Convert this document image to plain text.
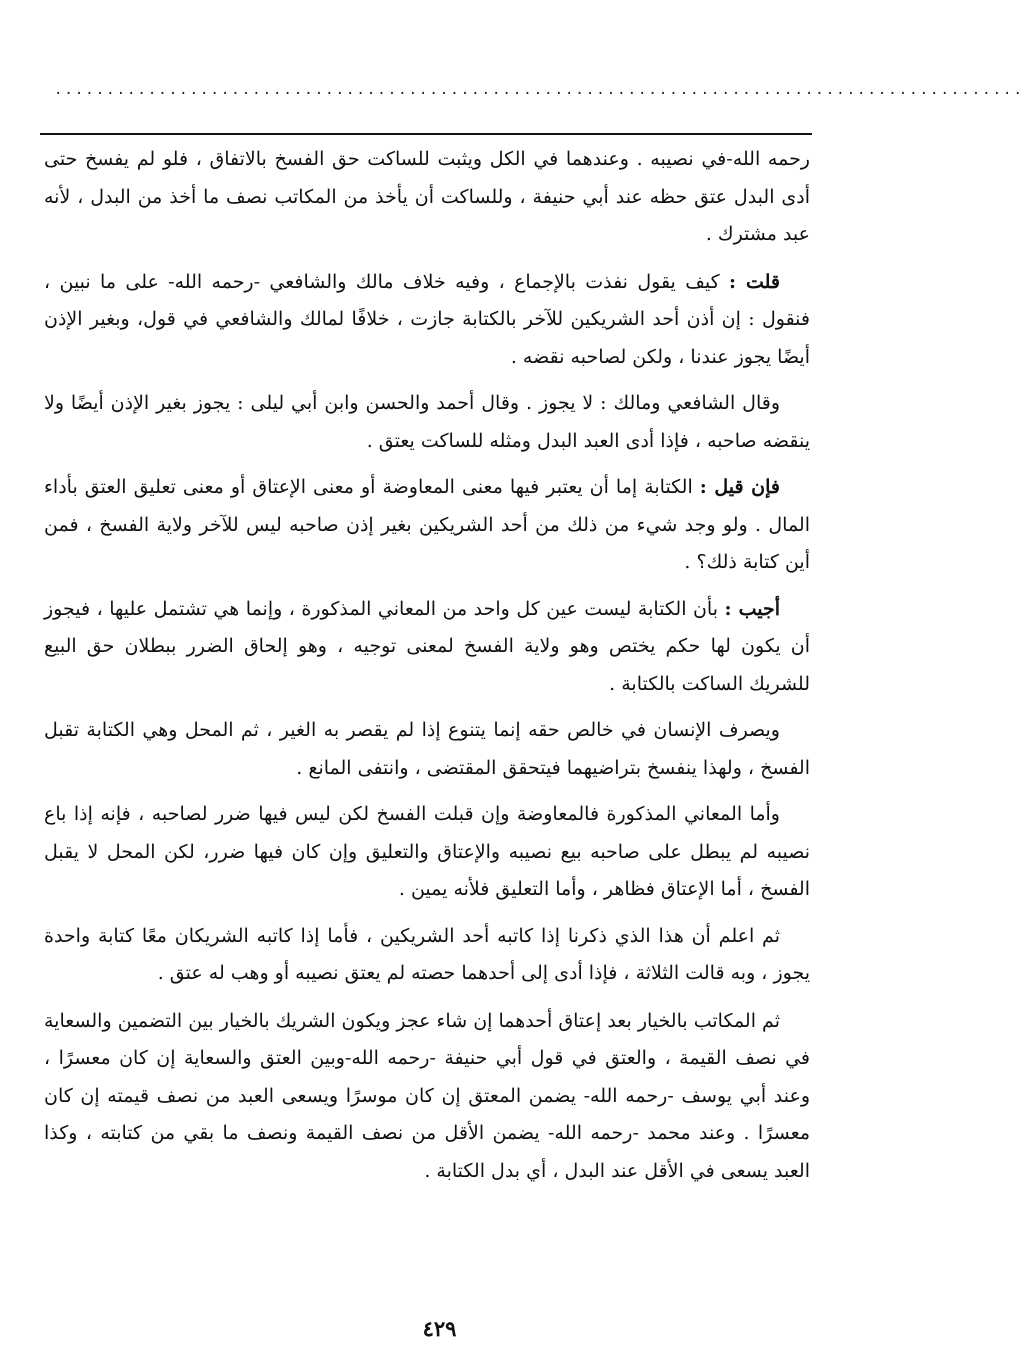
.............................................................................................

رحمه الله-في نصيبه . وعندهما في الكل ويثبت للساكت حق الفسخ بالاتفاق ، فلو لم يفسخ حتى أدى البدل عتق حظه عند أبي حنيفة ، وللساكت أن يأخذ من المكاتب نصف ما أخذ من البدل ، لأنه عبد مشترك .

قلت : كيف يقول نفذت بالإجماع ، وفيه خلاف مالك والشافعي -رحمه الله- على ما نبين ، فنقول : إن أذن أحد الشريكين للآخر بالكتابة جازت ، خلافًا لمالك والشافعي في قول، وبغير الإذن أيضًا يجوز عندنا ، ولكن لصاحبه نقضه .

وقال الشافعي ومالك : لا يجوز . وقال أحمد والحسن وابن أبي ليلى : يجوز بغير الإذن أيضًا ولا ينقضه صاحبه ، فإذا أدى العبد البدل ومثله للساكت يعتق .

فإن قيل : الكتابة إما أن يعتبر فيها معنى المعاوضة أو معنى الإعتاق أو معنى تعليق العتق بأداء المال . ولو وجد شيء من ذلك من أحد الشريكين بغير إذن صاحبه ليس للآخر ولاية الفسخ ، فمن أين كتابة ذلك؟ .

أجيب : بأن الكتابة ليست عين كل واحد من المعاني المذكورة ، وإنما هي تشتمل عليها ، فيجوز أن يكون لها حكم يختص وهو ولاية الفسخ لمعنى توجيه ، وهو إلحاق الضرر ببطلان حق البيع للشريك الساكت بالكتابة .

ويصرف الإنسان في خالص حقه إنما يتنوع إذا لم يقصر به الغير ، ثم المحل وهي الكتابة تقبل الفسخ ، ولهذا ينفسخ بتراضيهما فيتحقق المقتضى ، وانتفى المانع .

وأما المعاني المذكورة فالمعاوضة وإن قبلت الفسخ لكن ليس فيها ضرر لصاحبه ، فإنه إذا باع نصيبه لم يبطل على صاحبه بيع نصيبه والإعتاق والتعليق وإن كان فيها ضرر، لكن المحل لا يقبل الفسخ ، أما الإعتاق فظاهر ، وأما التعليق فلأنه يمين .

ثم اعلم أن هذا الذي ذكرنا إذا كاتبه أحد الشريكين ، فأما إذا كاتبه الشريكان معًا كتابة واحدة يجوز ، وبه قالت الثلاثة ، فإذا أدى إلى أحدهما حصته لم يعتق نصيبه أو وهب له عتق .

ثم المكاتب بالخيار بعد إعتاق أحدهما إن شاء عجز ويكون الشريك بالخيار بين التضمين والسعاية في نصف القيمة ، والعتق في قول أبي حنيفة -رحمه الله-وبين العتق والسعاية إن كان معسرًا ، وعند أبي يوسف -رحمه الله- يضمن المعتق إن كان موسرًا ويسعى العبد من نصف قيمته إن كان معسرًا . وعند محمد -رحمه الله- يضمن الأقل من نصف القيمة ونصف ما بقي من كتابته ، وكذا العبد يسعى في الأقل عند البدل ، أي بدل الكتابة .

٤٢٩
